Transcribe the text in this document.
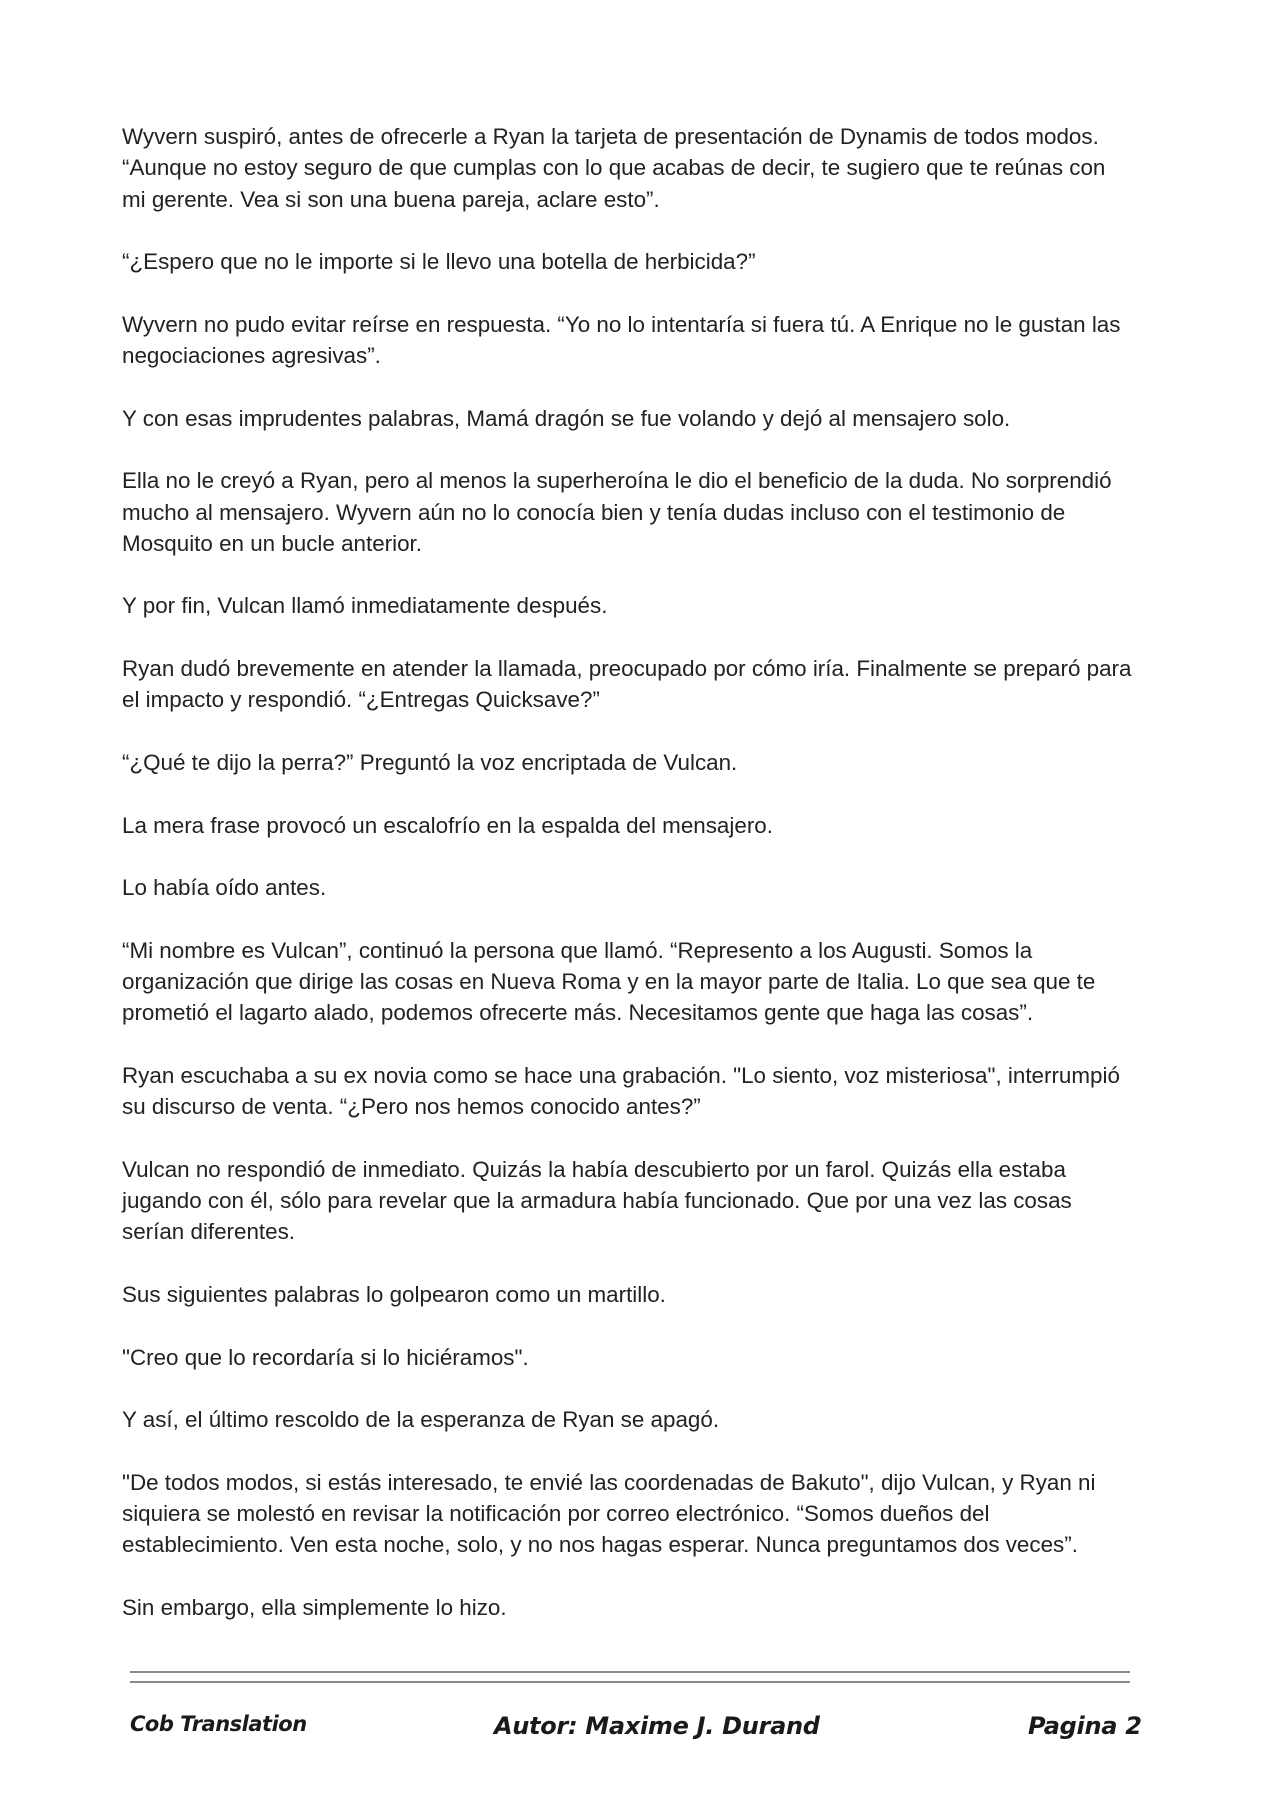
Wyvern suspiró, antes de ofrecerle a Ryan la tarjeta de presentación de Dynamis de todos modos. “Aunque no estoy seguro de que cumplas con lo que acabas de decir, te sugiero que te reúnas con mi gerente. Vea si son una buena pareja, aclare esto”.

“¿Espero que no le importe si le llevo una botella de herbicida?”

Wyvern no pudo evitar reírse en respuesta. “Yo no lo intentaría si fuera tú. A Enrique no le gustan las negociaciones agresivas”.

Y con esas imprudentes palabras, Mamá dragón se fue volando y dejó al mensajero solo.

Ella no le creyó a Ryan, pero al menos la superheroína le dio el beneficio de la duda. No sorprendió mucho al mensajero. Wyvern aún no lo conocía bien y tenía dudas incluso con el testimonio de Mosquito en un bucle anterior.

Y por fin, Vulcan llamó inmediatamente después.

Ryan dudó brevemente en atender la llamada, preocupado por cómo iría. Finalmente se preparó para el impacto y respondió. “¿Entregas Quicksave?”

“¿Qué te dijo la perra?” Preguntó la voz encriptada de Vulcan.

La mera frase provocó un escalofrío en la espalda del mensajero.

Lo había oído antes.

“Mi nombre es Vulcan”, continuó la persona que llamó. “Represento a los Augusti. Somos la organización que dirige las cosas en Nueva Roma y en la mayor parte de Italia. Lo que sea que te prometió el lagarto alado, podemos ofrecerte más. Necesitamos gente que haga las cosas”.

Ryan escuchaba a su ex novia como se hace una grabación. "Lo siento, voz misteriosa", interrumpió su discurso de venta. “¿Pero nos hemos conocido antes?”

Vulcan no respondió de inmediato. Quizás la había descubierto por un farol. Quizás ella estaba jugando con él, sólo para revelar que la armadura había funcionado. Que por una vez las cosas serían diferentes.

Sus siguientes palabras lo golpearon como un martillo.

"Creo que lo recordaría si lo hiciéramos".

Y así, el último rescoldo de la esperanza de Ryan se apagó.

"De todos modos, si estás interesado, te envié las coordenadas de Bakuto", dijo Vulcan, y Ryan ni siquiera se molestó en revisar la notificación por correo electrónico. “Somos dueños del establecimiento. Ven esta noche, solo, y no nos hagas esperar. Nunca preguntamos dos veces”.

Sin embargo, ella simplemente lo hizo.

Cob Translation	Autor: Maxime J. Durand	Pagina 2
